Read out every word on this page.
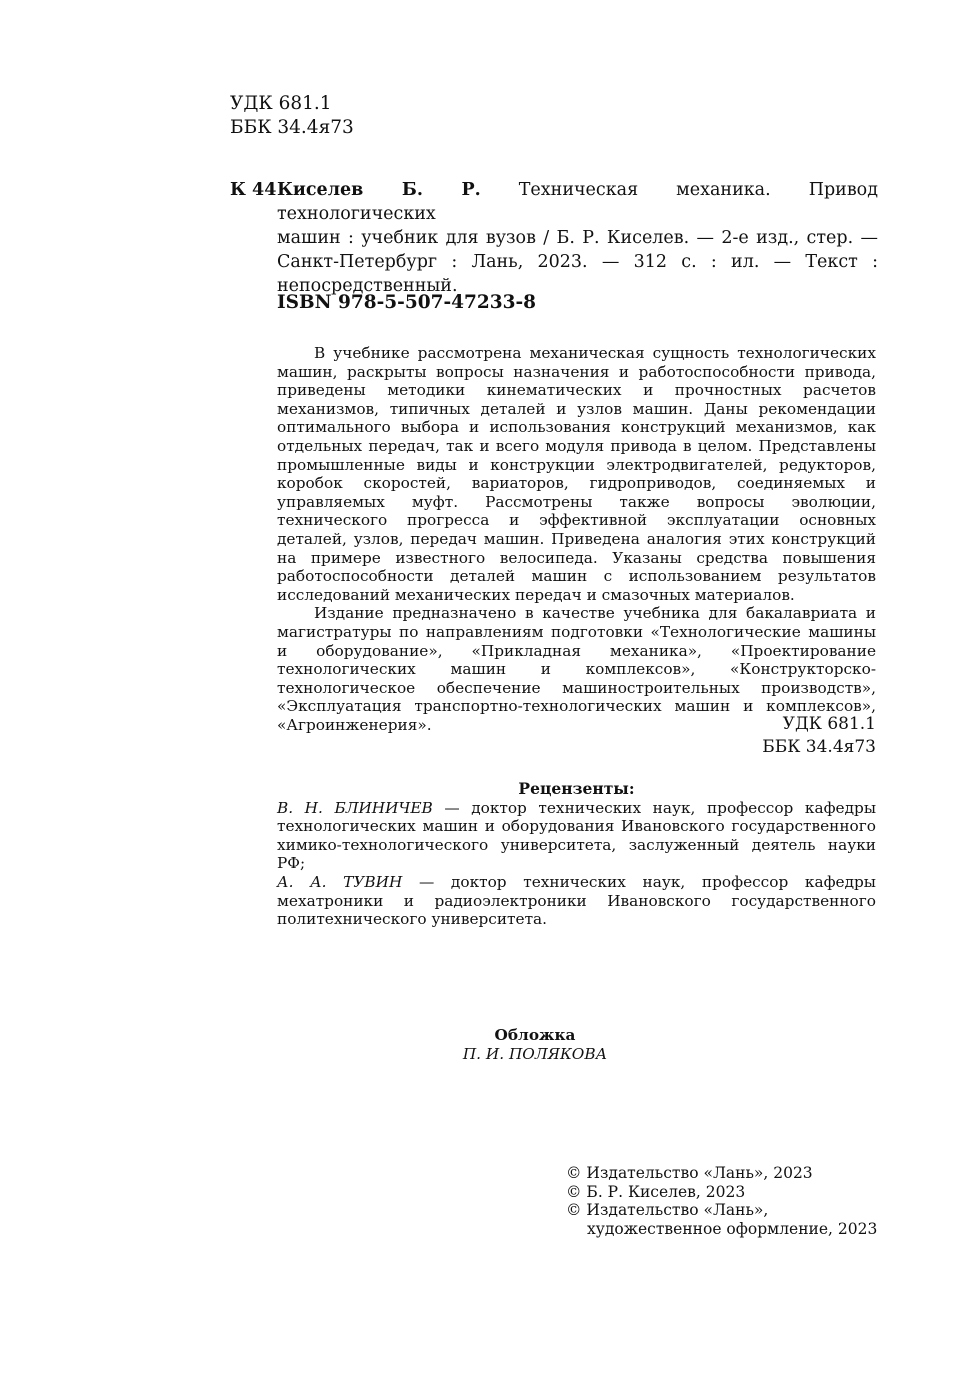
УДК 681.1
ББК 34.4я73
К 44 Киселев Б. Р. Техническая механика. Привод технологических
машин : учебник для вузов / Б. Р. Киселев. — 2-е изд., стер. — Санкт-Петербург : Лань, 2023. — 312 с. : ил. — Текст : непосредственный.
ISBN 978-5-507-47233-8

В учебнике рассмотрена механическая сущность технологических машин, раскрыты вопросы назначения и работоспособности привода, приведены методики кинематических и прочностных расчетов механизмов, типичных деталей и узлов машин. Даны рекомендации оптимального выбора и использования конструкций механизмов, как отдельных передач, так и всего модуля привода в целом. Представлены промышленные виды и конструкции электродвигателей, редукторов, коробок скоростей, вариаторов, гидроприводов, соединяемых и управляемых муфт. Рассмотрены также вопросы эволюции, технического прогресса и эффективной эксплуатации основных деталей, узлов, передач машин. Приведена аналогия этих конструкций на примере известного велосипеда. Указаны средства повышения работоспособности деталей машин с использованием результатов исследований механических передач и смазочных материалов.

Издание предназначено в качестве учебника для бакалавриата и магистратуры по направлениям подготовки «Технологические машины и оборудование», «Прикладная механика», «Проектирование технологических машин и комплексов», «Конструкторско-технологическое обеспечение машиностроительных производств», «Эксплуатация транспортно-технологических машин и комплексов», «Агроинженерия».	УДК 681.1
ББК 34.4я73
Рецензенты:

В. Н. БЛИНИЧЕВ — доктор технических наук, профессор кафедры технологических машин и оборудования Ивановского государственного химико-технологического университета, заслуженный деятель науки РФ;

А. А. ТУВИН — доктор технических наук, профессор кафедры мехатроники и радиоэлектроники Ивановского государственного политехнического университета.

Обложка
П. И. ПОЛЯКОВА
© Издательство «Лань», 2023
© Б. Р. Киселев, 2023
© Издательство «Лань»,
художественное оформление, 2023
